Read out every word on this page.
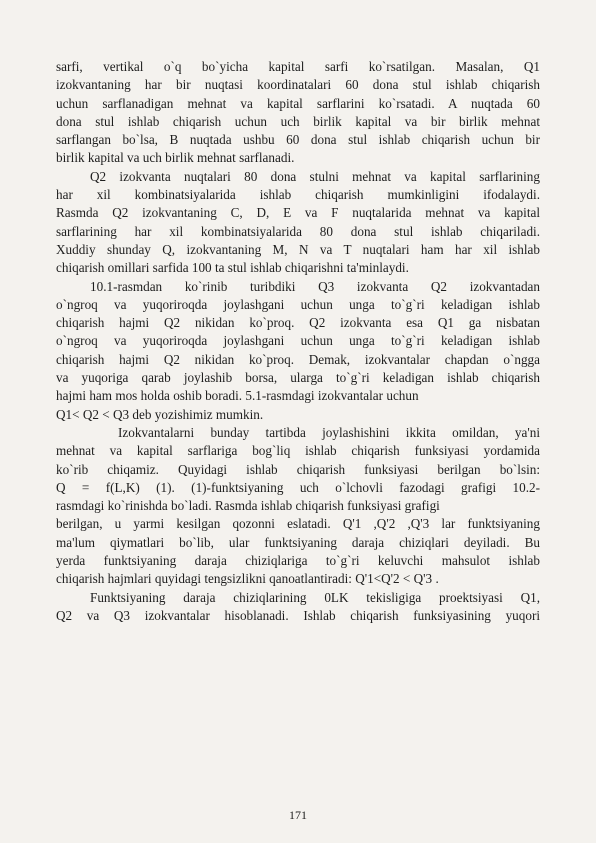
sarfi, vertikal o`q bo`yicha kapital sarfi ko`rsatilgan. Masalan, Q1
izokvantaning har bir nuqtasi koordinatalari 60 dona stul ishlab chiqarish
uchun sarflanadigan mehnat va kapital sarflarini ko`rsatadi. A nuqtada 60
dona stul ishlab chiqarish uchun uch birlik kapital va bir birlik mehnat
sarflangan bo`lsa, B nuqtada ushbu 60 dona stul ishlab chiqarish uchun bir
birlik kapital va uch birlik mehnat sarflanadi.
Q2 izokvanta nuqtalari 80 dona stulni mehnat va kapital sarflarining
har xil kombinatsiyalarida ishlab chiqarish mumkinligini ifodalaydi.
Rasmda Q2 izokvantaning C, D, E va F nuqtalarida mehnat va kapital
sarflarining har xil kombinatsiyalarida 80 dona stul ishlab chiqariladi.
Xuddiy shunday Q, izokvantaning M, N va T nuqtalari ham har xil ishlab
chiqarish omillari sarfida 100 ta stul ishlab chiqarishni ta'minlaydi.
10.1-rasmdan ko`rinib turibdiki Q3 izokvanta Q2 izokvantadan
o`ngroq va yuqoriroqda joylashgani uchun unga to`g`ri keladigan ishlab
chiqarish hajmi Q2 nikidan ko`proq. Q2 izokvanta esa Q1 ga nisbatan
o`ngroq va yuqoriroqda joylashgani uchun unga to`g`ri keladigan ishlab
chiqarish hajmi Q2 nikidan ko`proq. Demak, izokvantalar chapdan o`ngga
va yuqoriga qarab joylashib borsa, ularga to`g`ri keladigan ishlab chiqarish
hajmi ham mos holda oshib boradi. 5.1-rasmdagi izokvantalar uchun
Q1< Q2 < Q3 deb yozishimiz mumkin.
Izokvantalarni bunday tartibda joylashishini ikkita omildan, ya'ni
mehnat va kapital sarflariga bog`liq ishlab chiqarish funksiyasi yordamida
ko`rib chiqamiz. Quyidagi ishlab chiqarish funksiyasi berilgan bo`lsin:
Q = f(L,K) (1). (1)-funktsiyaning uch o`lchovli fazodagi grafigi 10.2-
rasmdagi ko`rinishda bo`ladi. Rasmda ishlab chiqarish funksiyasi grafigi
berilgan, u yarmi kesilgan qozonni eslatadi. Q'1 ,Q'2 ,Q'3 lar funktsiyaning
ma'lum qiymatlari bo`lib, ular funktsiyaning daraja chiziqlari deyiladi. Bu
yerda funktsiyaning daraja chiziqlariga to`g`ri keluvchi mahsulot ishlab
chiqarish hajmlari quyidagi tengsizlikni qanoatlantiradi: Q'1<Q'2 < Q'3 .
Funktsiyaning daraja chiziqlarining 0LK tekisligiga proektsiyasi Q1,
Q2 va Q3 izokvantalar hisoblanadi. Ishlab chiqarish funksiyasining yuqori
171
